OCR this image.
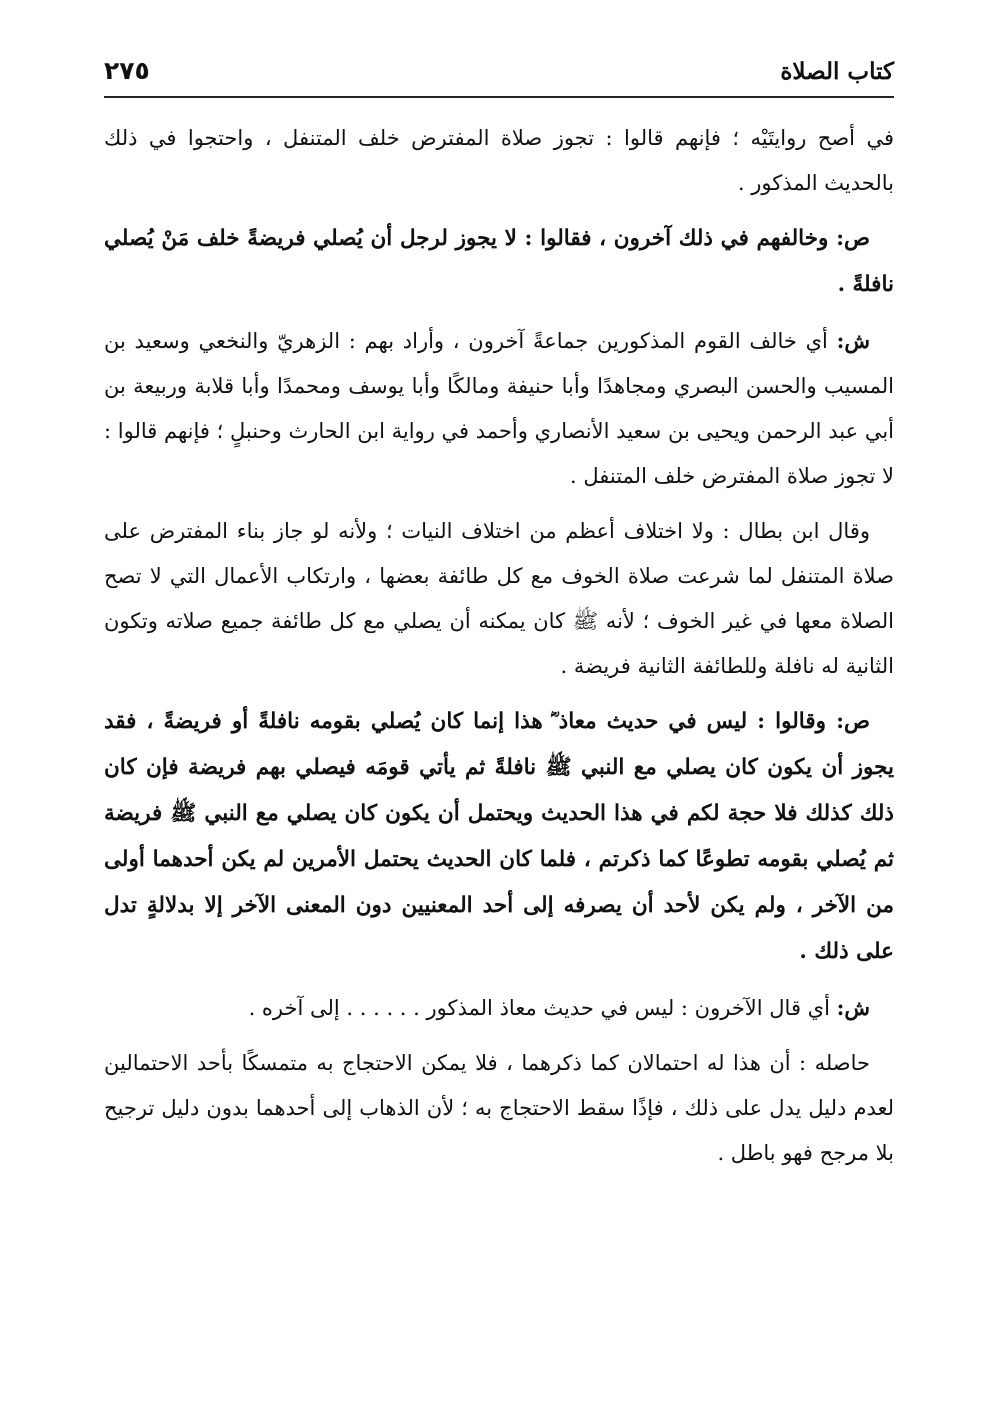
كتاب الصلاة
٢٧٥

في أصح روايتَيْه ؛ فإنهم قالوا : تجوز صلاة المفترض خلف المتنفل ، واحتجوا في ذلك بالحديث المذكور .

ص: وخالفهم في ذلك آخرون ، فقالوا : لا يجوز لرجل أن يُصلي فريضةً خلف مَنْ يُصلي نافلةً .

ش: أي خالف القوم المذكورين جماعةً آخرون ، وأراد بهم : الزهريّ والنخعي وسعيد بن المسيب والحسن البصري ومجاهدًا وأبا حنيفة ومالكًا وأبا يوسف ومحمدًا وأبا قلابة وربيعة بن أبي عبد الرحمن ويحيى بن سعيد الأنصاري وأحمد في رواية ابن الحارث وحنبلٍ ؛ فإنهم قالوا : لا تجوز صلاة المفترض خلف المتنفل .

وقال ابن بطال : ولا اختلاف أعظم من اختلاف النيات ؛ ولأنه لو جاز بناء المفترض على صلاة المتنفل لما شرعت صلاة الخوف مع كل طائفة بعضها ، وارتكاب الأعمال التي لا تصح الصلاة معها في غير الخوف ؛ لأنه ﷺ كان يمكنه أن يصلي مع كل طائفة جميع صلاته وتكون الثانية له نافلة وللطائفة الثانية فريضة .

ص: وقالوا : ليس في حديث معاذ ؓ هذا إنما كان يُصلي بقومه نافلةً أو فريضةً ، فقد يجوز أن يكون كان يصلي مع النبي ﷺ نافلةً ثم يأتي قومَه فيصلي بهم فريضة فإن كان ذلك كذلك فلا حجة لكم في هذا الحديث ويحتمل أن يكون كان يصلي مع النبي ﷺ فريضة ثم يُصلي بقومه تطوعًا كما ذكرتم ، فلما كان الحديث يحتمل الأمرين لم يكن أحدهما أولى من الآخر ، ولم يكن لأحد أن يصرفه إلى أحد المعنيين دون المعنى الآخر إلا بدلالةٍ تدل على ذلك .

ش: أي قال الآخرون : ليس في حديث معاذ المذكور . . . . . . إلى آخره .

حاصله : أن هذا له احتمالان كما ذكرهما ، فلا يمكن الاحتجاج به متمسكًا بأحد الاحتمالين لعدم دليل يدل على ذلك ، فإذًا سقط الاحتجاج به ؛ لأن الذهاب إلى أحدهما بدون دليل ترجيح بلا مرجح فهو باطل .
